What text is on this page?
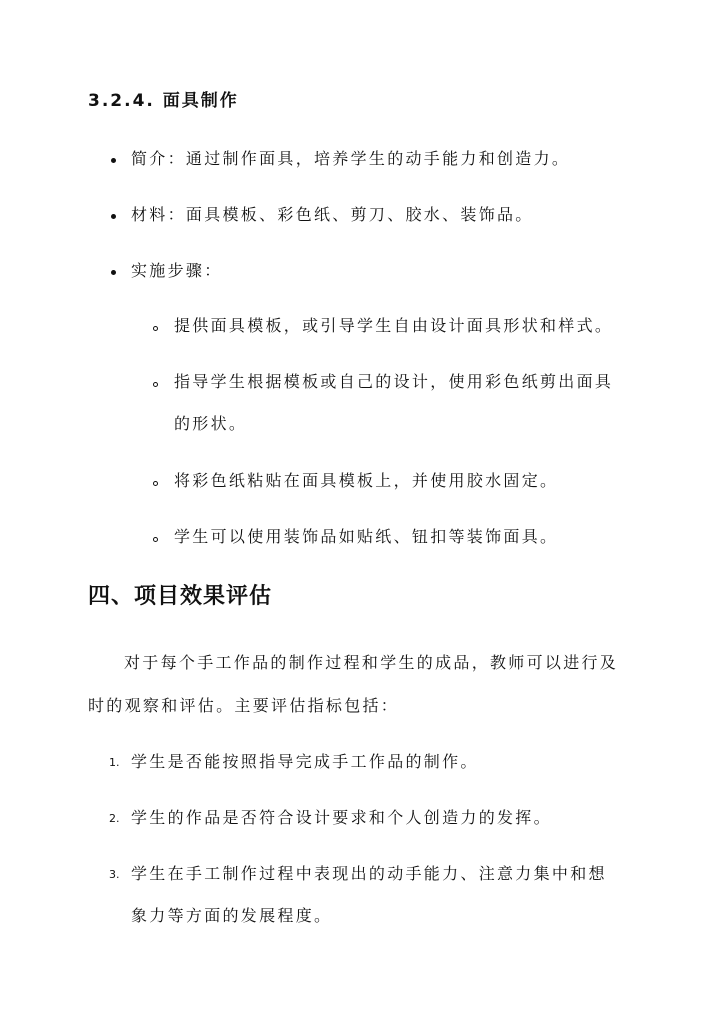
3.2.4. 面具制作
简介：通过制作面具，培养学生的动手能力和创造力。
材料：面具模板、彩色纸、剪刀、胶水、装饰品。
实施步骤：
提供面具模板，或引导学生自由设计面具形状和样式。
指导学生根据模板或自己的设计，使用彩色纸剪出面具
的形状。
将彩色纸粘贴在面具模板上，并使用胶水固定。
学生可以使用装饰品如贴纸、钮扣等装饰面具。
四、项目效果评估
对于每个手工作品的制作过程和学生的成品，教师可以进行及
时的观察和评估。主要评估指标包括：
1. 学生是否能按照指导完成手工作品的制作。
2. 学生的作品是否符合设计要求和个人创造力的发挥。
3. 学生在手工制作过程中表现出的动手能力、注意力集中和想
象力等方面的发展程度。
